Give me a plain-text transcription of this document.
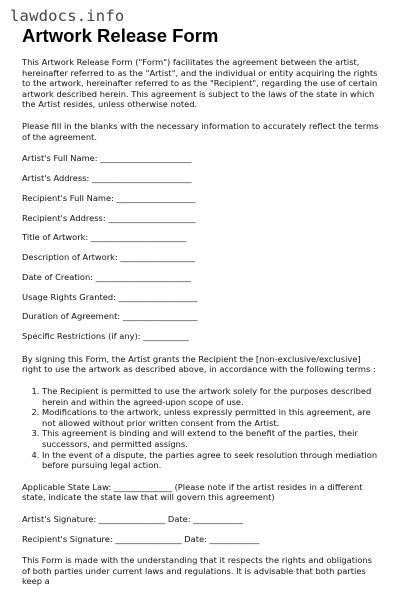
lawdocs.info
Artwork Release Form

This Artwork Release Form ("Form") facilitates the agreement between the artist, hereinafter referred to as the "Artist", and the individual or entity acquiring the rights to the artwork, hereinafter referred to as the "Recipient", regarding the use of certain artwork described herein. This agreement is subject to the laws of the state in which the Artist resides, unless otherwise noted.

Please fill in the blanks with the necessary information to accurately reflect the terms of the agreement.

Artist's Full Name: ______________________
Artist's Address: ________________________
Recipient's Full Name: ___________________
Recipient's Address: _____________________
Title of Artwork: _______________________
Description of Artwork: __________________
Date of Creation: _______________________
Usage Rights Granted: ___________________
Duration of Agreement: __________________
Specific Restrictions (if any): ___________

By signing this Form, the Artist grants the Recipient the [non-exclusive/exclusive] right to use the artwork as described above, in accordance with the following terms :

1. The Recipient is permitted to use the artwork solely for the purposes described herein and within the agreed-upon scope of use.
2. Modifications to the artwork, unless expressly permitted in this agreement, are not allowed without prior written consent from the Artist.
3. This agreement is binding and will extend to the benefit of the parties, their successors, and permitted assigns.
4. In the event of a dispute, the parties agree to seek resolution through mediation before pursuing legal action.

Applicable State Law: ______________ (Please note if the artist resides in a different state, indicate the state law that will govern this agreement)

Artist's Signature: ________________ Date: ____________
Recipient's Signature: ________________ Date: ____________

This Form is made with the understanding that it respects the rights and obligations of both parties under current laws and regulations. It is advisable that both parties keep a
